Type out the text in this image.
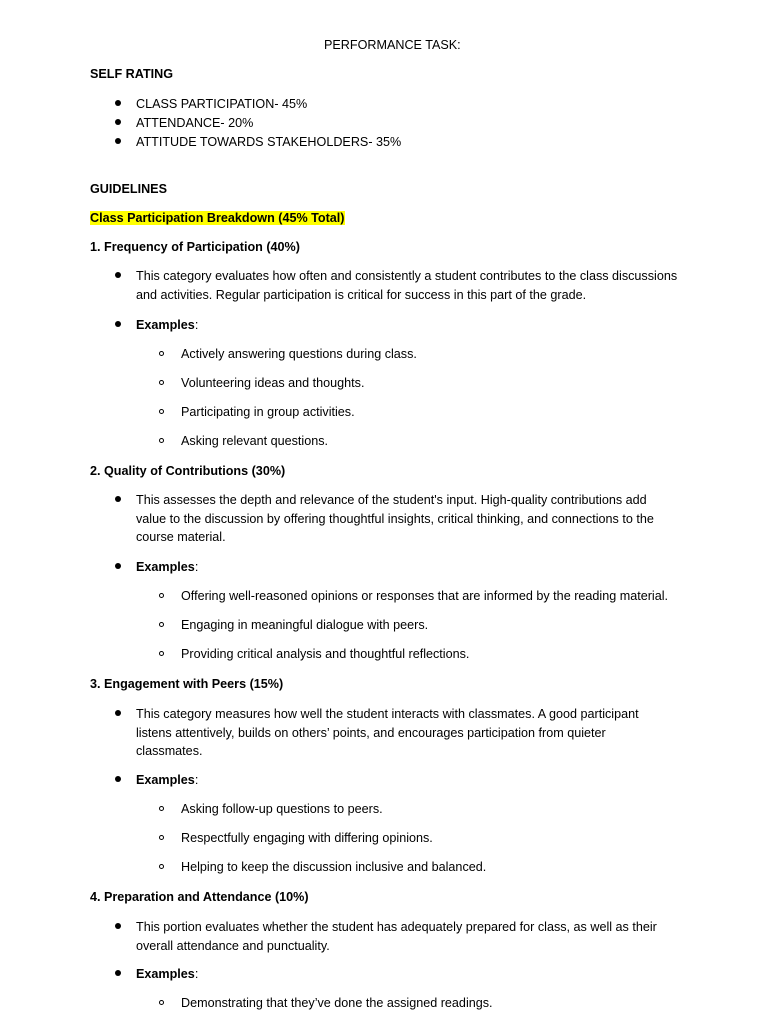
PERFORMANCE TASK:
SELF RATING
CLASS PARTICIPATION- 45%
ATTENDANCE- 20%
ATTITUDE TOWARDS STAKEHOLDERS- 35%
GUIDELINES
Class Participation Breakdown (45% Total)
1. Frequency of Participation (40%)
This category evaluates how often and consistently a student contributes to the class discussions and activities. Regular participation is critical for success in this part of the grade.
Examples:
Actively answering questions during class.
Volunteering ideas and thoughts.
Participating in group activities.
Asking relevant questions.
2. Quality of Contributions (30%)
This assesses the depth and relevance of the student's input. High-quality contributions add value to the discussion by offering thoughtful insights, critical thinking, and connections to the course material.
Examples:
Offering well-reasoned opinions or responses that are informed by the reading material.
Engaging in meaningful dialogue with peers.
Providing critical analysis and thoughtful reflections.
3. Engagement with Peers (15%)
This category measures how well the student interacts with classmates. A good participant listens attentively, builds on others’ points, and encourages participation from quieter classmates.
Examples:
Asking follow-up questions to peers.
Respectfully engaging with differing opinions.
Helping to keep the discussion inclusive and balanced.
4. Preparation and Attendance (10%)
This portion evaluates whether the student has adequately prepared for class, as well as their overall attendance and punctuality.
Examples:
Demonstrating that they’ve done the assigned readings.
